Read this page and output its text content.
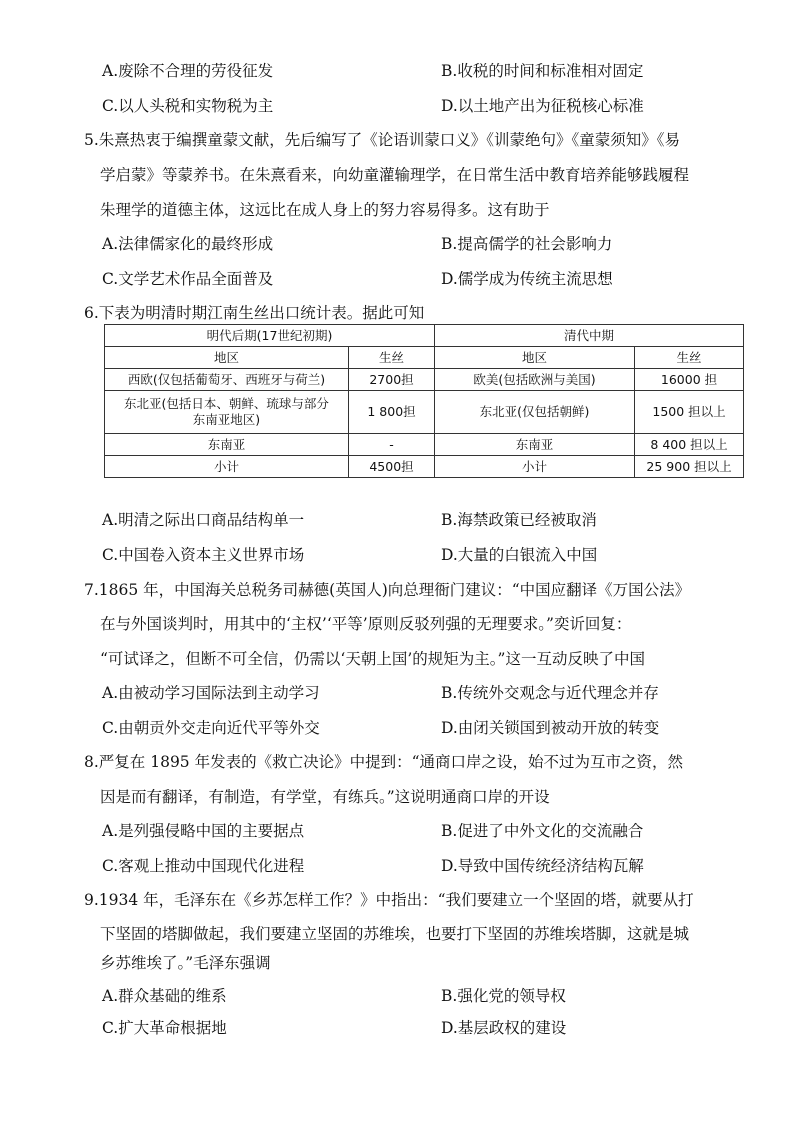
A.废除不合理的劳役征发	B.收税的时间和标准相对固定
C.以人头税和实物税为主	D.以土地产出为征税核心标准
5.朱熹热衷于编撰童蒙文献，先后编写了《论语训蒙口义》《训蒙绝句》《童蒙须知》《易
学启蒙》等蒙养书。在朱熹看来，向幼童灌输理学，在日常生活中教育培养能够践履程
朱理学的道德主体，这远比在成人身上的努力容易得多。这有助于
A.法律儒家化的最终形成	B.提高儒学的社会影响力
C.文学艺术作品全面普及	D.儒学成为传统主流思想
6.下表为明清时期江南生丝出口统计表。据此可知
明代后期(17世纪初期)		清代中期	
地区	生丝	地区	生丝
西欧(仅包括葡萄牙、西班牙与荷兰)	2700担	欧美(包括欧洲与美国)	16000 担

东北亚(包括日本、朝鲜、琉球与部分
东南亚地区)	1 800担	东北亚(仅包括朝鲜)	1500 担以上
东南亚	-	东南亚	8 400 担以上
小计	4500担	小计	25 900 担以上
A.明清之际出口商品结构单一	B.海禁政策已经被取消
C.中国卷入资本主义世界市场	D.大量的白银流入中国
7.1865 年，中国海关总税务司赫德(英国人)向总理衙门建议：“中国应翻译《万国公法》
在与外国谈判时，用其中的‘主权’‘平等’原则反驳列强的无理要求。”奕䜣回复：
“可试译之，但断不可全信，仍需以‘天朝上国’的规矩为主。”这一互动反映了中国
A.由被动学习国际法到主动学习	B.传统外交观念与近代理念并存
C.由朝贡外交走向近代平等外交	D.由闭关锁国到被动开放的转变
8.严复在 1895 年发表的《救亡决论》中提到：“通商口岸之设，始不过为互市之资，然
因是而有翻译，有制造，有学堂，有练兵。”这说明通商口岸的开设
A.是列强侵略中国的主要据点	B.促进了中外文化的交流融合
C.客观上推动中国现代化进程	D.导致中国传统经济结构瓦解
9.1934 年，毛泽东在《乡苏怎样工作？》中指出：“我们要建立一个坚固的塔，就要从打
下坚固的塔脚做起，我们要建立坚固的苏维埃，也要打下坚固的苏维埃塔脚，这就是城
乡苏维埃了。”毛泽东强调
A.群众基础的维系	B.强化党的领导权
C.扩大革命根据地	D.基层政权的建设
